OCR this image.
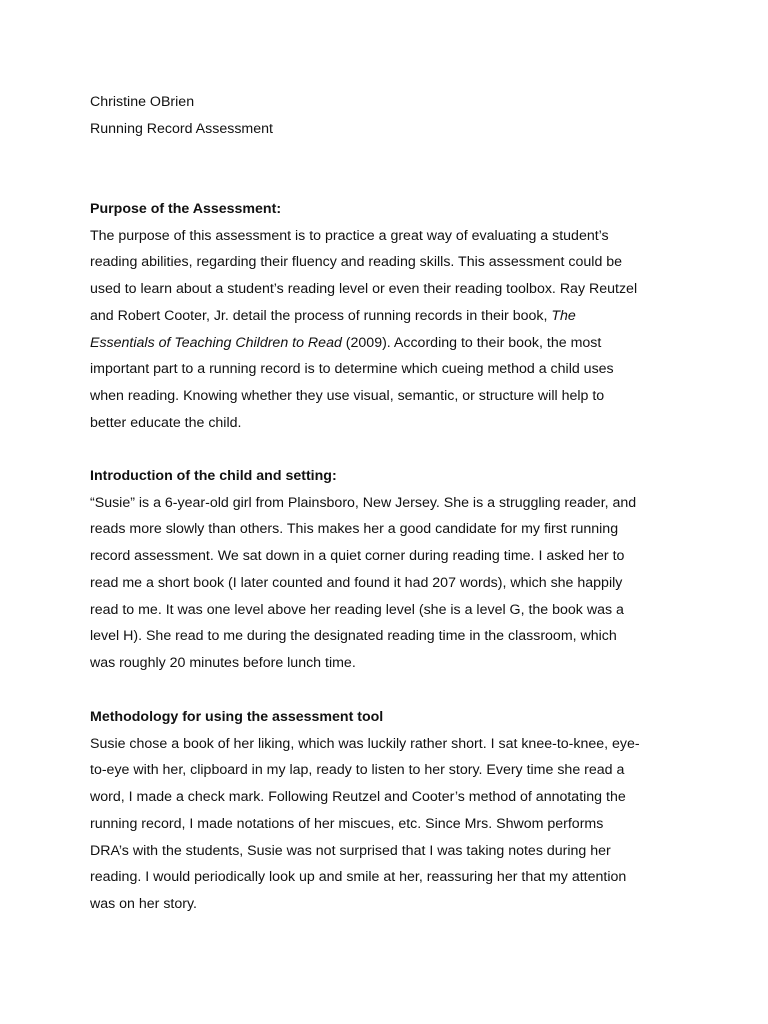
Christine OBrien
Running Record Assessment
Purpose of the Assessment:
The purpose of this assessment is to practice a great way of evaluating a student’s
reading abilities, regarding their fluency and reading skills. This assessment could be
used to learn about a student’s reading level or even their reading toolbox. Ray Reutzel
and Robert Cooter, Jr. detail the process of running records in their book, The
Essentials of Teaching Children to Read (2009). According to their book, the most
important part to a running record is to determine which cueing method a child uses
when reading. Knowing whether they use visual, semantic, or structure will help to
better educate the child.
Introduction of the child and setting:
“Susie” is a 6-year-old girl from Plainsboro, New Jersey. She is a struggling reader, and
reads more slowly than others. This makes her a good candidate for my first running
record assessment. We sat down in a quiet corner during reading time. I asked her to
read me a short book (I later counted and found it had 207 words), which she happily
read to me. It was one level above her reading level (she is a level G, the book was a
level H). She read to me during the designated reading time in the classroom, which
was roughly 20 minutes before lunch time.
Methodology for using the assessment tool
Susie chose a book of her liking, which was luckily rather short. I sat knee-to-knee, eye-
to-eye with her, clipboard in my lap, ready to listen to her story. Every time she read a
word, I made a check mark. Following Reutzel and Cooter’s method of annotating the
running record, I made notations of her miscues, etc. Since Mrs. Shwom performs
DRA’s with the students, Susie was not surprised that I was taking notes during her
reading. I would periodically look up and smile at her, reassuring her that my attention
was on her story.
